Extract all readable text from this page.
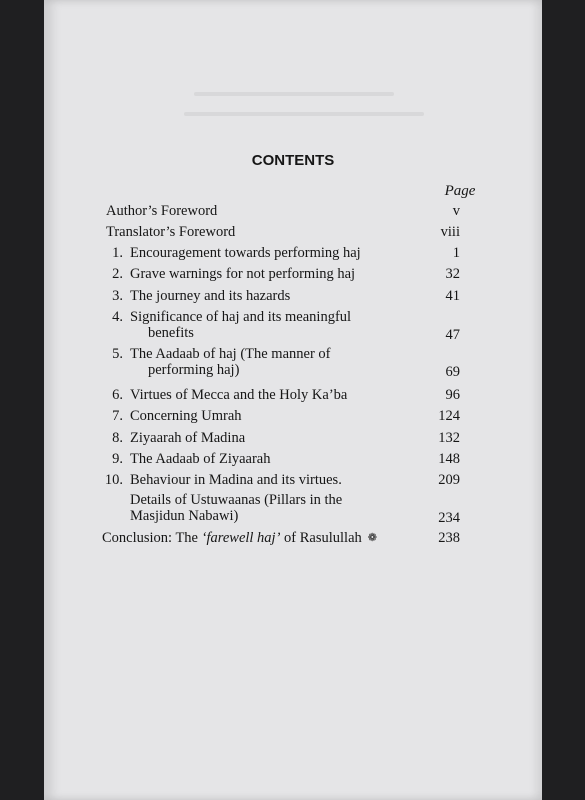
CONTENTS
Page
Author’s Foreword	v
Translator’s Foreword	viii
1. Encouragement towards performing haj	1
2. Grave warnings for not performing haj	32
3. The journey and its hazards	41
4. Significance of haj and its meaningful
benefits	47
5. The Aadaab of haj (The manner of
performing haj)	69
6. Virtues of Mecca and the Holy Ka’ba	96
7. Concerning Umrah	124
8. Ziyaarah of Madina	132
9. The Aadaab of Ziyaarah	148
10. Behaviour in Madina and its virtues.	209
Details of Ustuwaanas (Pillars in the
Masjidun Nabawi)	234
Conclusion: The ‘farewell haj’ of Rasulullah ❁	238
